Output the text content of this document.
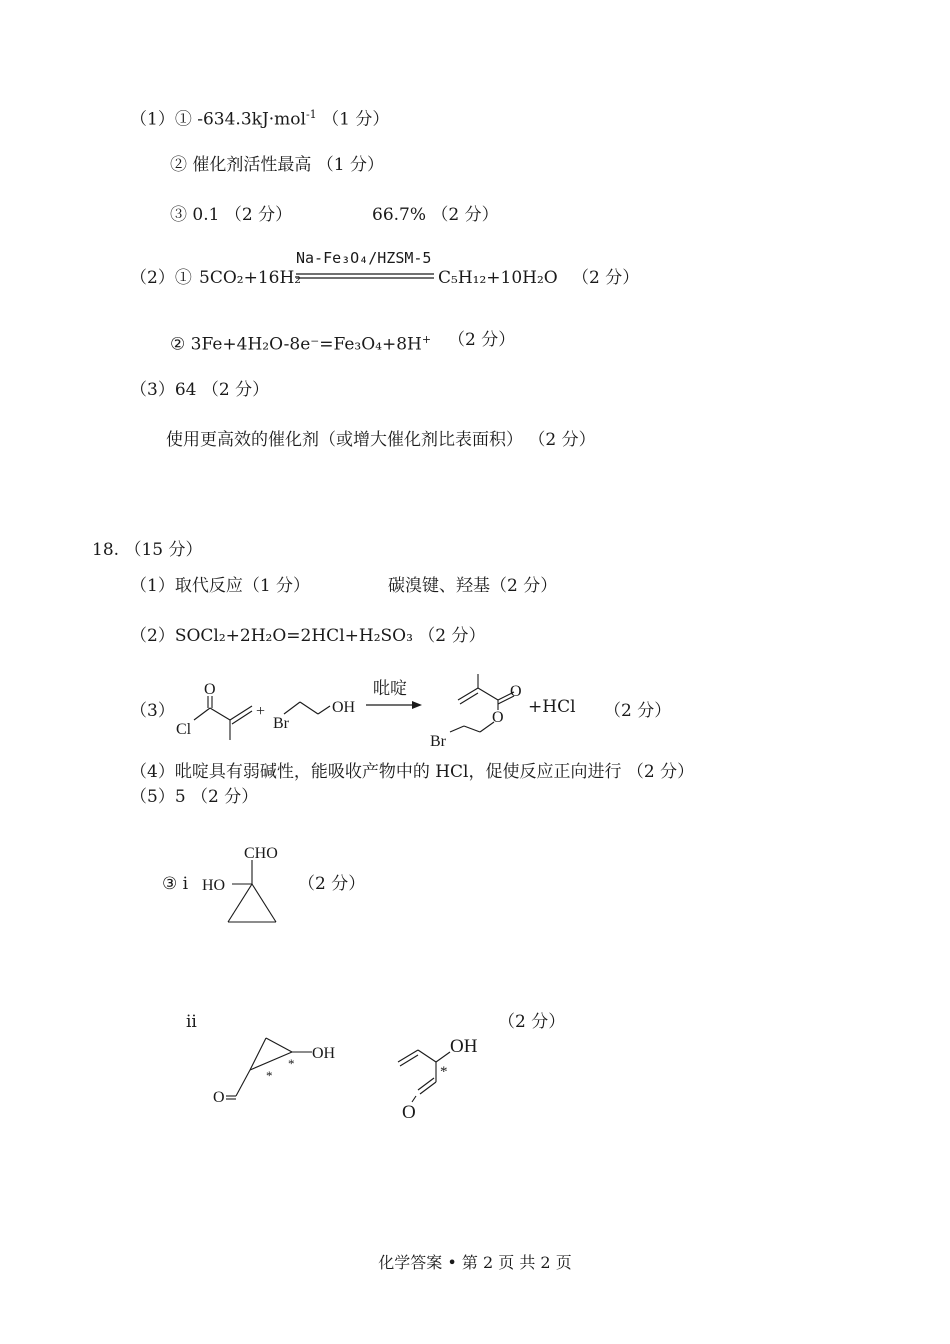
（1）① -634.3kJ·mol$^{-1}$ （1 分）
② 催化剂活性最高 （1 分）
③ 0.1 （2 分）	66.7% （2 分）
（2）① 5CO₂+16H₂
Na-Fe₃O₄/HZSM-5
C₅H₁₂+10H₂O （2 分）
② 3Fe+4H₂O-8e⁻=Fe₃O₄+8H+ （2 分）
（3）64 （2 分）
使用更高效的催化剂（或增大催化剂比表面积） （2 分）
18. （15 分）
（1）取代反应（1 分）	碳溴键、羟基（2 分）
（2）SOCl₂+2H₂O=2HCl+H₂SO₃ （2 分）
（3）
O
Cl
+
Br
OH
吡啶	O
O
Br
+HCl （2 分）
（4）吡啶具有弱碱性，能吸收产物中的 HCl，促使反应正向进行 （2 分）
（5）5 （2 分）
③ i
CHO
HO	（2 分）
ii	（2 分）
OH
O
*
*
OH
O
*
化学答案 • 第 2 页 共 2 页
